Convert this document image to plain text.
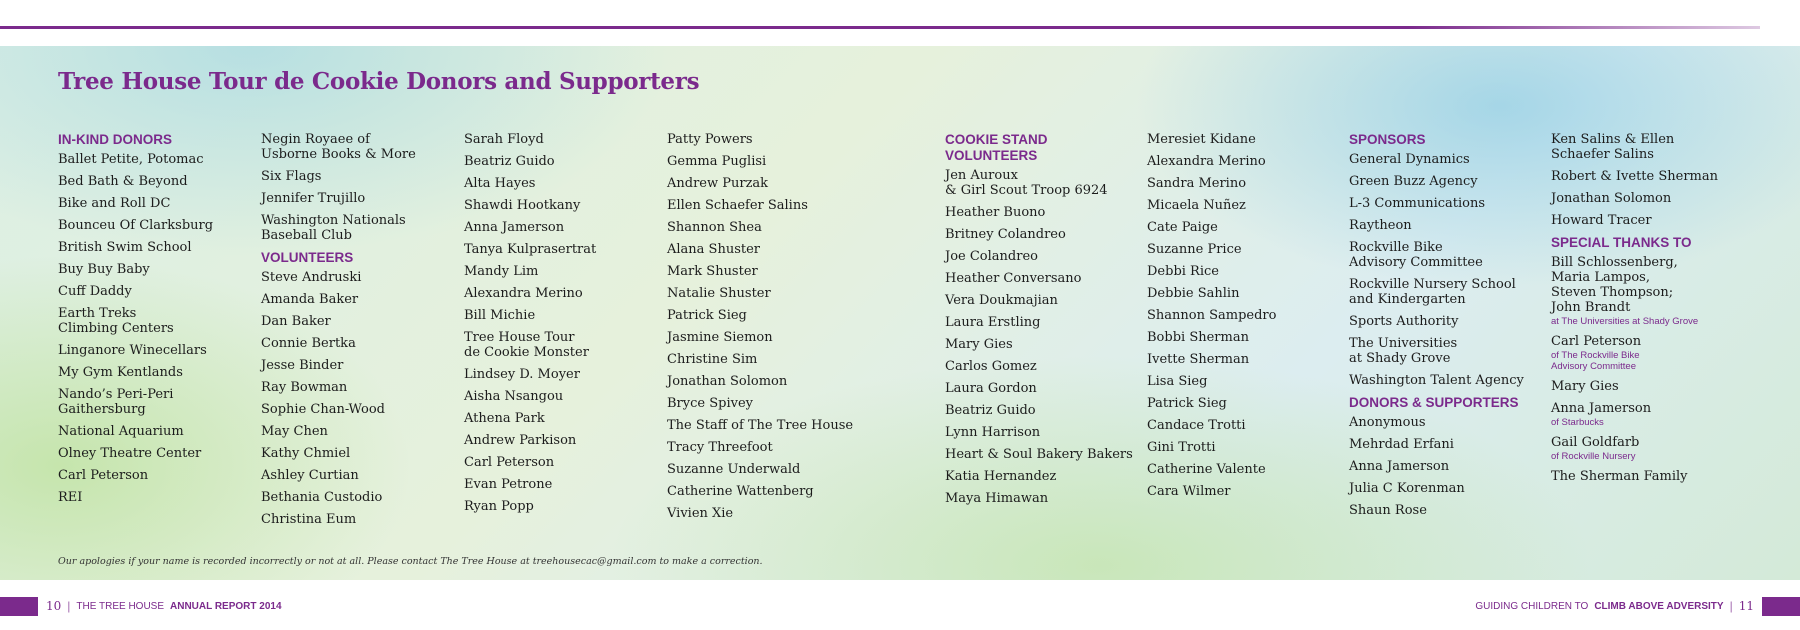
Tree House Tour de Cookie Donors and Supporters
IN-KIND DONORS
Ballet Petite, Potomac
Bed Bath & Beyond
Bike and Roll DC
Bounceu Of Clarksburg
British Swim School
Buy Buy Baby
Cuff Daddy
Earth Treks
Climbing Centers
Linganore Winecellars
My Gym Kentlands
Nando’s Peri-Peri
Gaithersburg
National Aquarium
Olney Theatre Center
Carl Peterson
REI
Negin Royaee of
Usborne Books & More
Six Flags
Jennifer Trujillo
Washington Nationals
Baseball Club
VOLUNTEERS
Steve Andruski
Amanda Baker
Dan Baker
Connie Bertka
Jesse Binder
Ray Bowman
Sophie Chan-Wood
May Chen
Kathy Chmiel
Ashley Curtian
Bethania Custodio
Christina Eum
Sarah Floyd
Beatriz Guido
Alta Hayes
Shawdi Hootkany
Anna Jamerson
Tanya Kulprasertrat
Mandy Lim
Alexandra Merino
Bill Michie
Tree House Tour
de Cookie Monster
Lindsey D. Moyer
Aisha Nsangou
Athena Park
Andrew Parkison
Carl Peterson
Evan Petrone
Ryan Popp
Patty Powers
Gemma Puglisi
Andrew Purzak
Ellen Schaefer Salins
Shannon Shea
Alana Shuster
Mark Shuster
Natalie Shuster
Patrick Sieg
Jasmine Siemon
Christine Sim
Jonathan Solomon
Bryce Spivey
The Staff of The Tree House
Tracy Threefoot
Suzanne Underwald
Catherine Wattenberg
Vivien Xie
COOKIE STAND
VOLUNTEERS
Jen Auroux
& Girl Scout Troop 6924
Heather Buono
Britney Colandreo
Joe Colandreo
Heather Conversano
Vera Doukmajian
Laura Erstling
Mary Gies
Carlos Gomez
Laura Gordon
Beatriz Guido
Lynn Harrison
Heart & Soul Bakery Bakers
Katia Hernandez
Maya Himawan
Meresiet Kidane
Alexandra Merino
Sandra Merino
Micaela Nuñez
Cate Paige
Suzanne Price
Debbi Rice
Debbie Sahlin
Shannon Sampedro
Bobbi Sherman
Ivette Sherman
Lisa Sieg
Patrick Sieg
Candace Trotti
Gini Trotti
Catherine Valente
Cara Wilmer
SPONSORS
General Dynamics
Green Buzz Agency
L-3 Communications
Raytheon
Rockville Bike
Advisory Committee
Rockville Nursery School
and Kindergarten
Sports Authority
The Universities
at Shady Grove
Washington Talent Agency
DONORS & SUPPORTERS
Anonymous
Mehrdad Erfani
Anna Jamerson
Julia C Korenman
Shaun Rose
Ken Salins & Ellen
Schaefer Salins
Robert & Ivette Sherman
Jonathan Solomon
Howard Tracer
SPECIAL THANKS TO
Bill Schlossenberg,
Maria Lampos,
Steven Thompson;
John Brandt
at The Universities at Shady Grove
Carl Peterson
of The Rockville Bike
Advisory Committee
Mary Gies
Anna Jamerson
of Starbucks
Gail Goldfarb
of Rockville Nursery
The Sherman Family

Our apologies if your name is recorded incorrectly or not at all. Please contact The Tree House at treehousecac@gmail.com to make a correction.

10 | THE TREE HOUSE ANNUAL REPORT 2014	GUIDING CHILDREN TO CLIMB ABOVE ADVERSITY | 11
